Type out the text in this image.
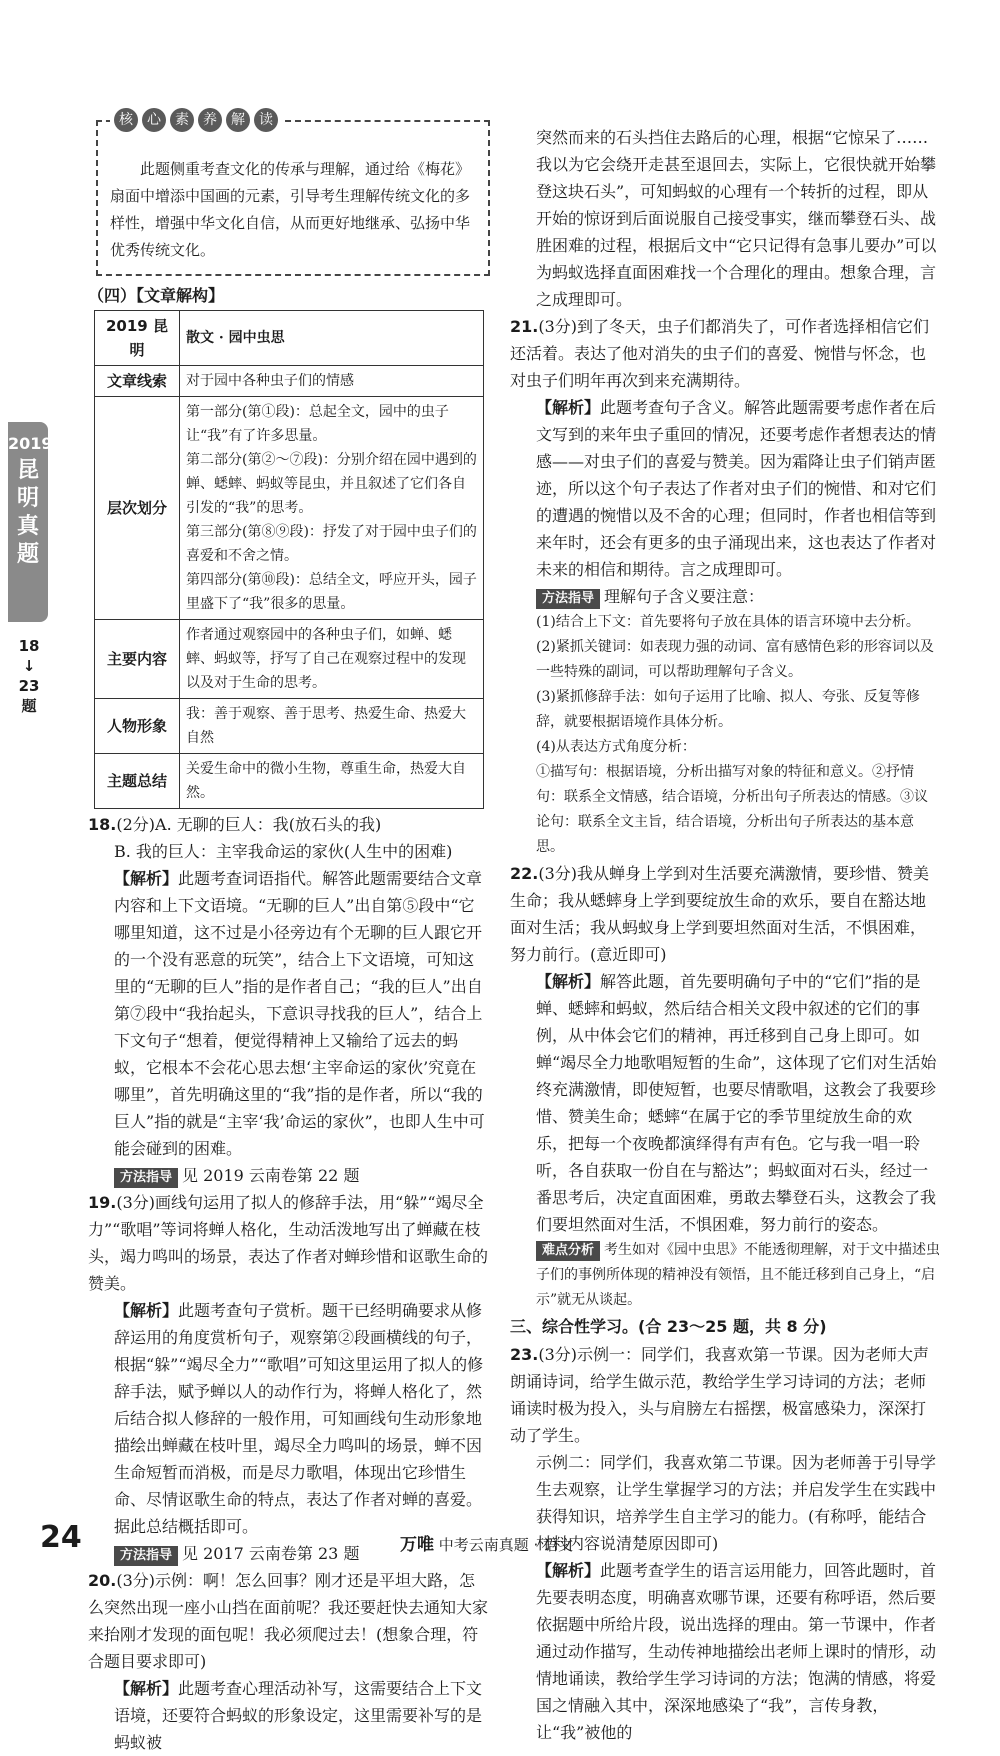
2019
昆明真题
18
↓
23
题
核	心	素	养	解	读

此题侧重考查文化的传承与理解，通过给《梅花》扇面中增添中国画的元素，引导考生理解传统文化的多样性，增强中华文化自信，从而更好地继承、弘扬中华优秀传统文化。

（四）【文章解构】
2019 昆明	散文 · 园中虫思
文章线索	对于园中各种虫子们的情感
层次划分	第一部分(第①段)：总起全文，园中的虫子让“我”有了许多思量。
第二部分(第②～⑦段)：分别介绍在园中遇到的蝉、蟋蟀、蚂蚁等昆虫，并且叙述了它们各自引发的“我”的思考。
第三部分(第⑧⑨段)：抒发了对于园中虫子们的喜爱和不舍之情。
第四部分(第⑩段)：总结全文，呼应开头，园子里盛下了“我”很多的思量。
主要内容	作者通过观察园中的各种虫子们，如蝉、蟋蟀、蚂蚁等，抒写了自己在观察过程中的发现以及对于生命的思考。
人物形象	我：善于观察、善于思考、热爱生命、热爱大自然
主题总结	关爱生命中的微小生物，尊重生命，热爱大自然。

18.(2分)A. 无聊的巨人：我(放石头的我)

B. 我的巨人：主宰我命运的家伙(人生中的困难)

【解析】此题考查词语指代。解答此题需要结合文章内容和上下文语境。“无聊的巨人”出自第⑤段中“它哪里知道，这不过是小径旁边有个无聊的巨人跟它开的一个没有恶意的玩笑”，结合上下文语境，可知这里的“无聊的巨人”指的是作者自己；“我的巨人”出自第⑦段中“我抬起头，下意识寻找我的巨人”，结合上下文句子“想着，便觉得精神上又输给了远去的蚂蚁，它根本不会花心思去想‘主宰命运的家伙’究竟在哪里”，首先明确这里的“我”指的是作者，所以“我的巨人”指的就是“主宰‘我’命运的家伙”，也即人生中可能会碰到的困难。

方法指导 见 2019 云南卷第 22 题

19.(3分)画线句运用了拟人的修辞手法，用“躲”“竭尽全力”“歌唱”等词将蝉人格化，生动活泼地写出了蝉藏在枝头，竭力鸣叫的场景，表达了作者对蝉珍惜和讴歌生命的赞美。

【解析】此题考查句子赏析。题干已经明确要求从修辞运用的角度赏析句子，观察第②段画横线的句子，根据“躲”“竭尽全力”“歌唱”可知这里运用了拟人的修辞手法，赋予蝉以人的动作行为，将蝉人格化了，然后结合拟人修辞的一般作用，可知画线句生动形象地描绘出蝉藏在枝叶里，竭尽全力鸣叫的场景，蝉不因生命短暂而消极，而是尽力歌唱，体现出它珍惜生命、尽情讴歌生命的特点，表达了作者对蝉的喜爱。据此总结概括即可。

方法指导 见 2017 云南卷第 23 题

20.(3分)示例：啊！怎么回事？刚才还是平坦大路，怎么突然出现一座小山挡在面前呢？我还要赶快去通知大家来抬刚才发现的面包呢！我必须爬过去！(想象合理，符合题目要求即可)

【解析】此题考查心理活动补写，这需要结合上下文语境，还要符合蚂蚁的形象设定，这里需要补写的是蚂蚁被

突然而来的石头挡住去路后的心理，根据“它惊呆了……我以为它会绕开走甚至退回去，实际上，它很快就开始攀登这块石头”，可知蚂蚁的心理有一个转折的过程，即从开始的惊讶到后面说服自己接受事实，继而攀登石头、战胜困难的过程，根据后文中“它只记得有急事儿要办”可以为蚂蚁选择直面困难找一个合理化的理由。想象合理，言之成理即可。

21.(3分)到了冬天，虫子们都消失了，可作者选择相信它们还活着。表达了他对消失的虫子们的喜爱、惋惜与怀念，也对虫子们明年再次到来充满期待。

【解析】此题考查句子含义。解答此题需要考虑作者在后文写到的来年虫子重回的情况，还要考虑作者想表达的情感——对虫子们的喜爱与赞美。因为霜降让虫子们销声匿迹，所以这个句子表达了作者对虫子们的惋惜、和对它们的遭遇的惋惜以及不舍的心理；但同时，作者也相信等到来年时，还会有更多的虫子涌现出来，这也表达了作者对未来的相信和期待。言之成理即可。

方法指导 理解句子含义要注意：

(1)结合上下文：首先要将句子放在具体的语言环境中去分析。

(2)紧抓关键词：如表现力强的动词、富有感情色彩的形容词以及一些特殊的副词，可以帮助理解句子含义。

(3)紧抓修辞手法：如句子运用了比喻、拟人、夸张、反复等修辞，就要根据语境作具体分析。

(4)从表达方式角度分析：

①描写句：根据语境，分析出描写对象的特征和意义。②抒情句：联系全文情感，结合语境，分析出句子所表达的情感。③议论句：联系全文主旨，结合语境，分析出句子所表达的基本意思。

22.(3分)我从蝉身上学到对生活要充满激情，要珍惜、赞美生命；我从蟋蟀身上学到要绽放生命的欢乐，要自在豁达地面对生活；我从蚂蚁身上学到要坦然面对生活，不惧困难，努力前行。(意近即可)

【解析】解答此题，首先要明确句子中的“它们”指的是蝉、蟋蟀和蚂蚁，然后结合相关文段中叙述的它们的事例，从中体会它们的精神，再迁移到自己身上即可。如蝉“竭尽全力地歌唱短暂的生命”，这体现了它们对生活始终充满激情，即使短暂，也要尽情歌唱，这教会了我要珍惜、赞美生命；蟋蟀“在属于它的季节里绽放生命的欢乐，把每一个夜晚都演绎得有声有色。它与我一唱一聆听，各自获取一份自在与豁达”；蚂蚁面对石头，经过一番思考后，决定直面困难，勇敢去攀登石头，这教会了我们要坦然面对生活，不惧困难，努力前行的姿态。

难点分析 考生如对《园中虫思》不能透彻理解，对于文中描述虫子们的事例所体现的精神没有领悟，且不能迁移到自己身上，“启示”就无从谈起。

三、综合性学习。(合 23～25 题，共 8 分)

23.(3分)示例一：同学们，我喜欢第一节课。因为老师大声朗诵诗词，给学生做示范，教给学生学习诗词的方法；老师诵读时极为投入，头与肩膀左右摇摆，极富感染力，深深打动了学生。

示例二：同学们，我喜欢第二节课。因为老师善于引导学生去观察，让学生掌握学习的方法；并启发学生在实践中获得知识，培养学生自主学习的能力。(有称呼，能结合材料内容说清楚原因即可)

【解析】此题考查学生的语言运用能力，回答此题时，首先要表明态度，明确喜欢哪节课，还要有称呼语，然后要依据题中所给片段，说出选择的理由。第一节课中，作者通过动作描写，生动传神地描绘出老师上课时的情形，动情地诵读，教给学生学习诗词的方法；饱满的情感，将爱国之情融入其中，深深地感染了“我”，言传身教，让“我”被他的

24	万唯 中考云南真题 · 语文
